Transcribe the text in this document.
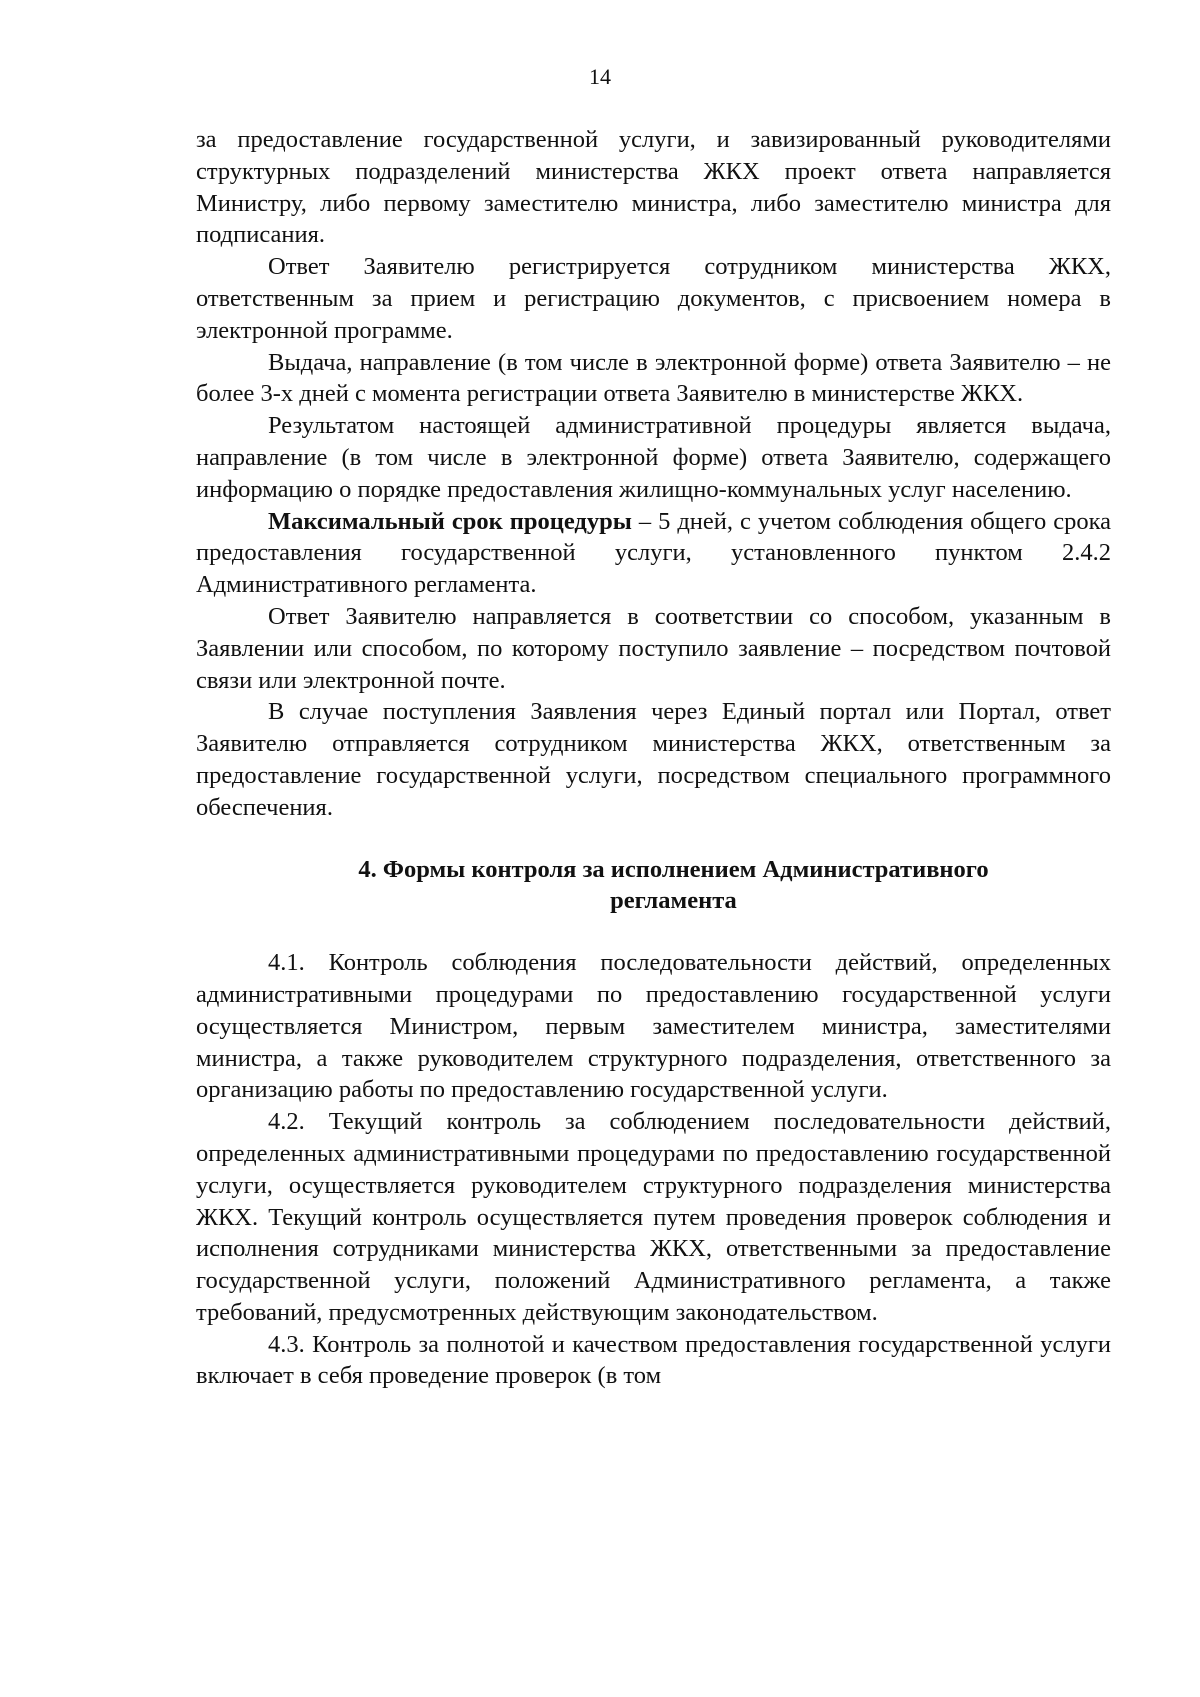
14

за предоставление государственной услуги, и завизированный руководителями структурных подразделений министерства ЖКХ проект ответа направляется Министру, либо первому заместителю министра, либо заместителю министра для подписания.

Ответ Заявителю регистрируется сотрудником министерства ЖКХ, ответственным за прием и регистрацию документов, с присвоением номера в электронной программе.

Выдача, направление (в том числе в электронной форме) ответа Заявителю – не более 3-х дней с момента регистрации ответа Заявителю в министерстве ЖКХ.

Результатом настоящей административной процедуры является выдача, направление (в том числе в электронной форме) ответа Заявителю, содержащего информацию о порядке предоставления жилищно-коммунальных услуг населению.

Максимальный срок процедуры – 5 дней, с учетом соблюдения общего срока предоставления государственной услуги, установленного пунктом 2.4.2 Административного регламента.

Ответ Заявителю направляется в соответствии со способом, указанным в Заявлении или способом, по которому поступило заявление – посредством почтовой связи или электронной почте.

В случае поступления Заявления через Единый портал или Портал, ответ Заявителю отправляется сотрудником министерства ЖКХ, ответственным за предоставление государственной услуги, посредством специального программного обеспечения.

4. Формы контроля за исполнением Административного
регламента

4.1. Контроль соблюдения последовательности действий, определенных административными процедурами по предоставлению государственной услуги осуществляется Министром, первым заместителем министра, заместителями министра, а также руководителем структурного подразделения, ответственного за организацию работы по предоставлению государственной услуги.

4.2. Текущий контроль за соблюдением последовательности действий, определенных административными процедурами по предоставлению государственной услуги, осуществляется руководителем структурного подразделения министерства ЖКХ. Текущий контроль осуществляется путем проведения проверок соблюдения и исполнения сотрудниками министерства ЖКХ, ответственными за предоставление государственной услуги, положений Административного регламента, а также требований, предусмотренных действующим законодательством.

4.3. Контроль за полнотой и качеством предоставления государственной услуги включает в себя проведение проверок (в том
